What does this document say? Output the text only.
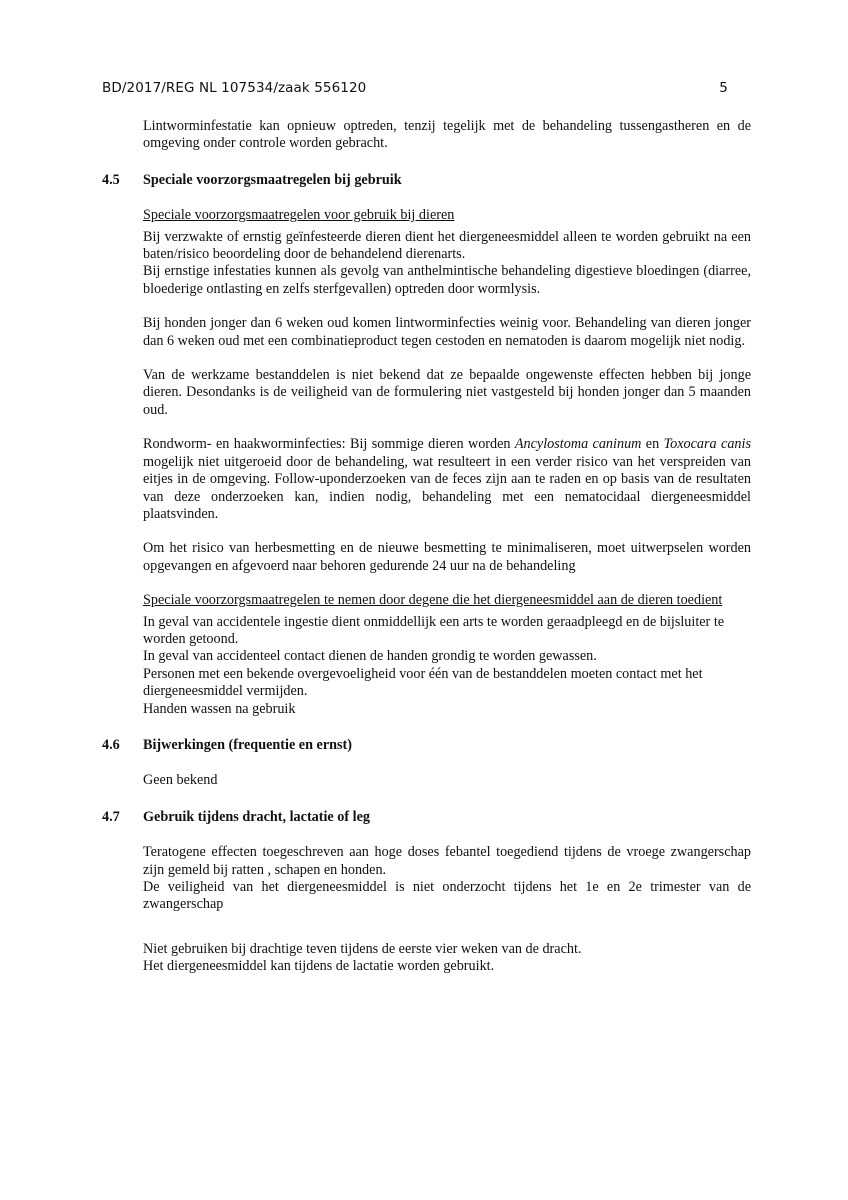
BD/2017/REG NL 107534/zaak 556120	5

Lintworminfestatie kan opnieuw optreden, tenzij tegelijk met de behandeling tussengastheren en de omgeving onder controle worden gebracht.

4.5	Speciale voorzorgsmaatregelen bij gebruik

Speciale voorzorgsmaatregelen voor gebruik bij dieren

Bij verzwakte of ernstig geïnfesteerde dieren dient het diergeneesmiddel alleen te worden gebruikt na een baten/risico beoordeling door de behandelend dierenarts.

Bij ernstige infestaties kunnen als gevolg van anthelmintische behandeling digestieve bloedingen (diarree, bloederige ontlasting en zelfs sterfgevallen) optreden door wormlysis.

Bij honden jonger dan 6 weken oud komen lintworminfecties weinig voor. Behandeling van dieren jonger dan 6 weken oud met een combinatieproduct tegen cestoden en nematoden is daarom mogelijk niet nodig.

Van de werkzame bestanddelen is niet bekend dat ze bepaalde ongewenste effecten hebben bij jonge dieren. Desondanks is de veiligheid van de formulering niet vastgesteld bij honden jonger dan 5 maanden oud.

Rondworm- en haakworminfecties: Bij sommige dieren worden Ancylostoma caninum en Toxocara canis mogelijk niet uitgeroeid door de behandeling, wat resulteert in een verder risico van het verspreiden van eitjes in de omgeving. Follow-uponderzoeken van de feces zijn aan te raden en op basis van de resultaten van deze onderzoeken kan, indien nodig, behandeling met een nematocidaal diergeneesmiddel plaatsvinden.

Om het risico van herbesmetting en de nieuwe besmetting te minimaliseren, moet uitwerpselen worden opgevangen en afgevoerd naar behoren gedurende 24 uur na de behandeling

Speciale voorzorgsmaatregelen te nemen door degene die het diergeneesmiddel aan de dieren toedient

In geval van accidentele ingestie dient onmiddellijk een arts te worden geraadpleegd en de bijsluiter te worden getoond.

In geval van accidenteel contact dienen de handen grondig te worden gewassen.

Personen met een bekende overgevoeligheid voor één van de bestanddelen moeten contact met het diergeneesmiddel vermijden.

Handen wassen na gebruik

4.6	Bijwerkingen (frequentie en ernst)

Geen bekend

4.7	Gebruik tijdens dracht, lactatie of leg

Teratogene effecten toegeschreven aan hoge doses febantel toegediend tijdens de vroege zwangerschap zijn gemeld bij ratten , schapen en honden.

De veiligheid van het diergeneesmiddel is niet onderzocht tijdens het 1e en 2e trimester van de zwangerschap

Niet gebruiken bij drachtige teven tijdens de eerste vier weken van de dracht.

Het diergeneesmiddel kan tijdens de lactatie worden gebruikt.
